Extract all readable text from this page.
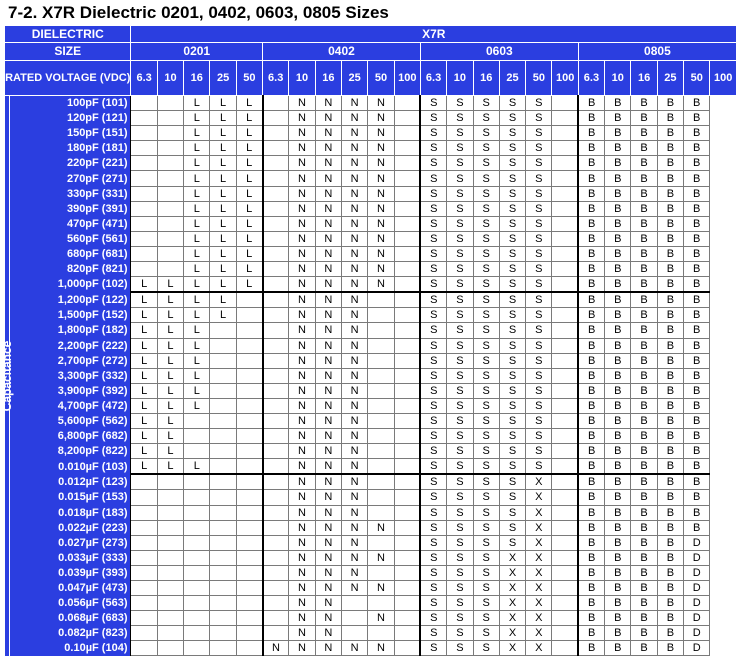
7-2. X7R Dielectric 0201, 0402, 0603, 0805 Sizes
DIELECTRIC		X7R																						
SIZE		0201					0402						0603						0805					
RATED VOLTAGE (VDC)		6.3	10	16	25	50	6.3	10	16	25	50	100	6.3	10	16	25	50	100	6.3	10	16	25	50	100

Capacitance	100pF (101)			L	L	L		N	N	N	N		S	S	S	S	S		B	B	B	B	B	
	120pF (121)			L	L	L		N	N	N	N		S	S	S	S	S		B	B	B	B	B	
	150pF (151)			L	L	L		N	N	N	N		S	S	S	S	S		B	B	B	B	B	
	180pF (181)			L	L	L		N	N	N	N		S	S	S	S	S		B	B	B	B	B	
	220pF (221)			L	L	L		N	N	N	N		S	S	S	S	S		B	B	B	B	B	
	270pF (271)			L	L	L		N	N	N	N		S	S	S	S	S		B	B	B	B	B	
	330pF (331)			L	L	L		N	N	N	N		S	S	S	S	S		B	B	B	B	B	
	390pF (391)			L	L	L		N	N	N	N		S	S	S	S	S		B	B	B	B	B	
	470pF (471)			L	L	L		N	N	N	N		S	S	S	S	S		B	B	B	B	B	
	560pF (561)			L	L	L		N	N	N	N		S	S	S	S	S		B	B	B	B	B	
	680pF (681)			L	L	L		N	N	N	N		S	S	S	S	S		B	B	B	B	B	
	820pF (821)			L	L	L		N	N	N	N		S	S	S	S	S		B	B	B	B	B	
	1,000pF (102)	L	L	L	L	L		N	N	N	N		S	S	S	S	S		B	B	B	B	B	
	1,200pF (122)	L	L	L	L			N	N	N			S	S	S	S	S		B	B	B	B	B	
	1,500pF (152)	L	L	L	L			N	N	N			S	S	S	S	S		B	B	B	B	B	
	1,800pF (182)	L	L	L				N	N	N			S	S	S	S	S		B	B	B	B	B	
	2,200pF (222)	L	L	L				N	N	N			S	S	S	S	S		B	B	B	B	B	
	2,700pF (272)	L	L	L				N	N	N			S	S	S	S	S		B	B	B	B	B	
	3,300pF (332)	L	L	L				N	N	N			S	S	S	S	S		B	B	B	B	B	
	3,900pF (392)	L	L	L				N	N	N			S	S	S	S	S		B	B	B	B	B	
	4,700pF (472)	L	L	L				N	N	N			S	S	S	S	S		B	B	B	B	B	
	5,600pF (562)	L	L					N	N	N			S	S	S	S	S		B	B	B	B	B	
	6,800pF (682)	L	L					N	N	N			S	S	S	S	S		B	B	B	B	B	
	8,200pF (822)	L	L					N	N	N			S	S	S	S	S		B	B	B	B	B	
	0.010µF (103)	L	L	L				N	N	N			S	S	S	S	S		B	B	B	B	B	
	0.012µF (123)							N	N	N			S	S	S	S	X		B	B	B	B	B	
	0.015µF (153)							N	N	N			S	S	S	S	X		B	B	B	B	B	
	0.018µF (183)							N	N	N			S	S	S	S	X		B	B	B	B	B	
	0.022µF (223)							N	N	N	N		S	S	S	S	X		B	B	B	B	B	
	0.027µF (273)							N	N	N			S	S	S	S	X		B	B	B	B	D	
	0.033µF (333)							N	N	N	N		S	S	S	X	X		B	B	B	B	D	
	0.039µF (393)							N	N	N			S	S	S	X	X		B	B	B	B	D	
	0.047µF (473)							N	N	N	N		S	S	S	X	X		B	B	B	B	D	
	0.056µF (563)							N	N				S	S	S	X	X		B	B	B	B	D	
	0.068µF (683)							N	N		N		S	S	S	X	X		B	B	B	B	D	
	0.082µF (823)							N	N				S	S	S	X	X		B	B	B	B	D	
	0.10µF (104)						N	N	N	N	N		S	S	S	X	X		B	B	B	B	D	
